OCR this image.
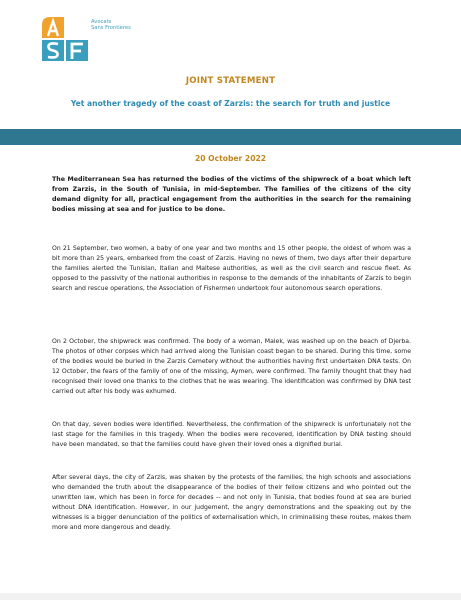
Avocats
Sans Frontières
JOINT STATEMENT
Yet another tragedy of the coast of Zarzis: the search for truth and justice
20 October 2022

The Mediterranean Sea has returned the bodies of the victims of the shipwreck of a boat which left from Zarzis, in the South of Tunisia, in mid-September. The families of the citizens of the city demand dignity for all, practical engagement from the authorities in the search for the remaining bodies missing at sea and for justice to be done.

On 21 September, two women, a baby of one year and two months and 15 other people, the oldest of whom was a bit more than 25 years, embarked from the coast of Zarzis. Having no news of them, two days after their departure the families alerted the Tunisian, Italian and Maltese authorities, as well as the civil search and rescue fleet. As opposed to the passivity of the national authorities in response to the demands of the inhabitants of Zarzis to begin search and rescue operations, the Association of Fishermen undertook four autonomous search operations.

On 2 October, the shipwreck was confirmed. The body of a woman, Malek, was washed up on the beach of Djerba. The photos of other corpses which had arrived along the Tunisian coast began to be shared. During this time, some of the bodies would be buried in the Zarzis Cemetery without the authorities having first undertaken DNA tests. On 12 October, the fears of the family of one of the missing, Aymen, were confirmed. The family thought that they had recognised their loved one thanks to the clothes that he was wearing. The identification was confirmed by DNA test carried out after his body was exhumed.

On that day, seven bodies were identified. Nevertheless, the confirmation of the shipwreck is unfortunately not the last stage for the families in this tragedy. When the bodies were recovered, identification by DNA testing should have been mandated, so that the families could have given their loved ones a dignified burial.

After several days, the city of Zarzis, was shaken by the protests of the families, the high schools and associations who demanded the truth about the disappearance of the bodies of their fellow citizens and who pointed out the unwritten law, which has been in force for decades -- and not only in Tunisia, that bodies found at sea are buried without DNA identification. However, in our judgement, the angry demonstrations and the speaking out by the witnesses is a bigger denunciation of the politics of externalisation which, in criminalising these routes, makes them more and more dangerous and deadly.
